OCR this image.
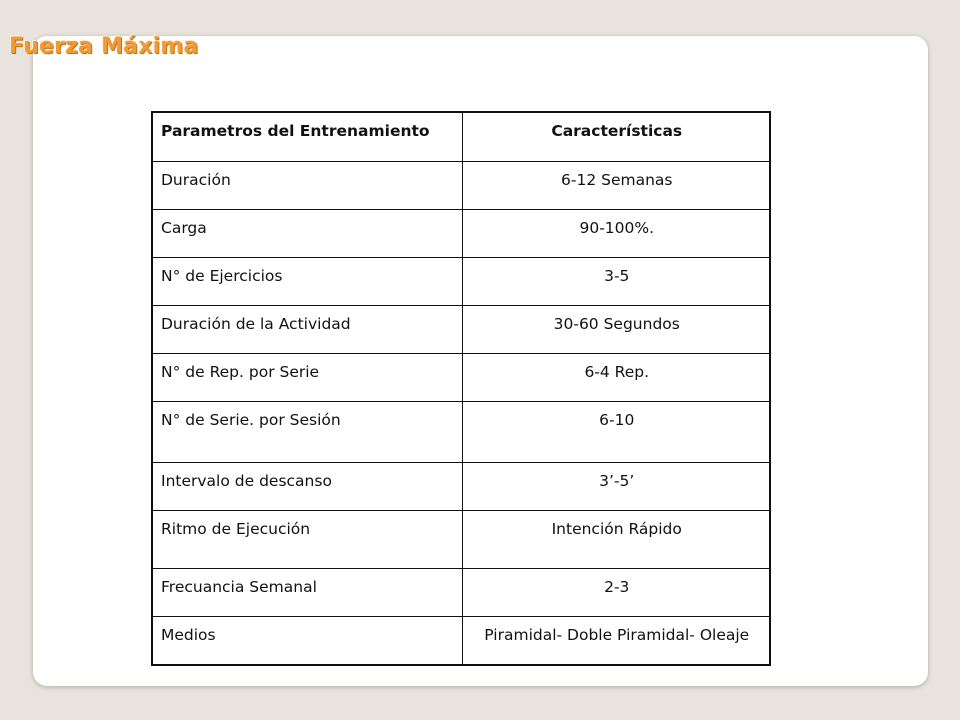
Fuerza Máxima
Parametros del Entrenamiento	Características
Duración	6-12 Semanas
Carga	90-100%.
N° de Ejercicios	3-5
Duración de la Actividad	30-60 Segundos
N° de Rep. por Serie	6-4 Rep.
N° de Serie. por Sesión	6-10
Intervalo de descanso	3’-5’
Ritmo de Ejecución	Intención Rápido
Frecuancia Semanal	2-3
Medios	Piramidal- Doble Piramidal- Oleaje
